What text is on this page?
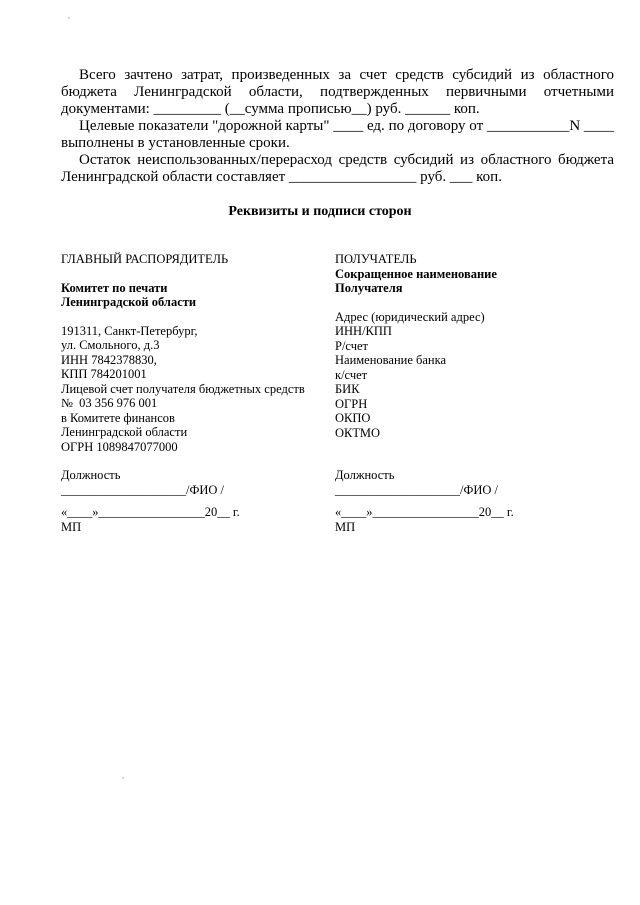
Всего зачтено затрат, произведенных за счет средств субсидий из областного бюджета Ленинградской области, подтвержденных первичными отчетными документами: _________ (__сумма прописью__) руб. ______ коп.

Целевые показатели "дорожной карты" ____ ед. по договору от ___________N ____ выполнены в установленные сроки.

Остаток неиспользованных/перерасход средств субсидий из областного бюджета Ленинградской области составляет _________________ руб. ___ коп.

Реквизиты и подписи сторон
ГЛАВНЫЙ РАСПОРЯДИТЕЛЬ
Комитет по печати
Ленинградской области
191311, Санкт-Петербург,
ул. Смольного, д.3
ИНН 7842378830,
КПП 784201001
Лицевой счет получателя бюджетных средств
№  03 356 976 001
в Комитете финансов
Ленинградской области
ОГРН 1089847077000
Должность
____________________/ФИО /
«____»_________________20__ г.
МП
ПОЛУЧАТЕЛЬ
Сокращенное наименование
Получателя
Адрес (юридический адрес)
ИНН/КПП
Р/счет
Наименование банка
к/счет
БИК
ОГРН
ОКПО
ОКТМО
Должность
____________________/ФИО /
«____»_________________20__ г.
МП
